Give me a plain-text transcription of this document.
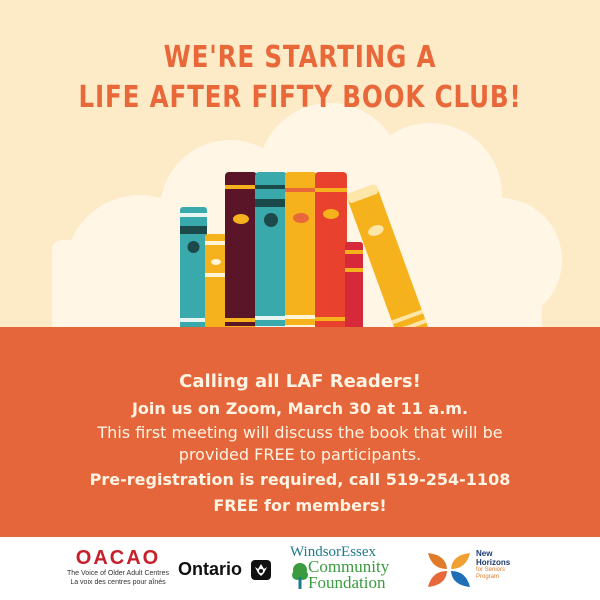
WE'RE STARTING A
LIFE AFTER FIFTY BOOK CLUB!
Calling all LAF Readers!
Join us on Zoom, March 30 at 11 a.m.
This first meeting will discuss the book that will be
provided FREE to participants.
Pre-registration is required, call 519-254-1108
FREE for members!
OACAO
The Voice of Older Adult Centres
La voix des centres pour aînés
Ontario
WindsorEssex
Community
Foundation
New
Horizons
for Seniors
Program
